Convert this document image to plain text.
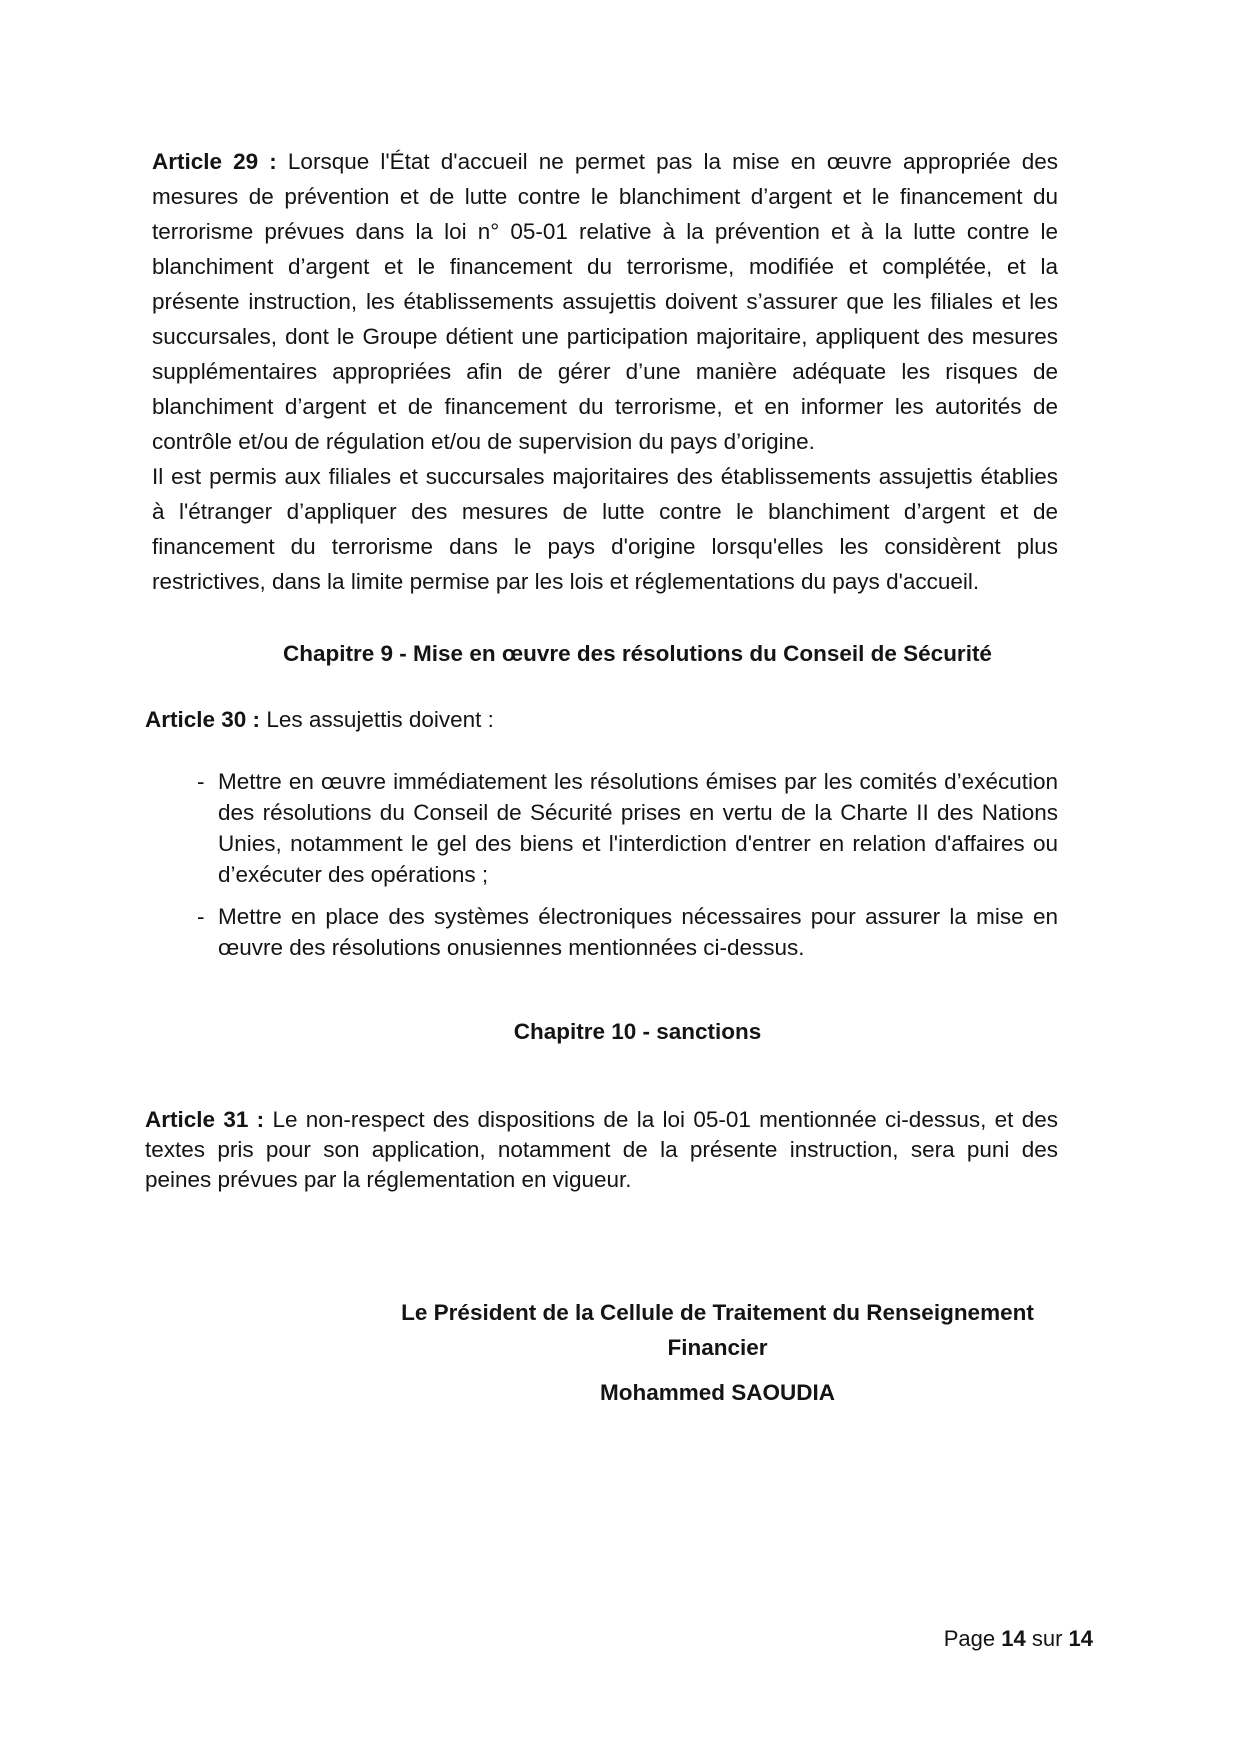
Article 29 : Lorsque l'État d'accueil ne permet pas la mise en œuvre appropriée des mesures de prévention et de lutte contre le blanchiment d’argent et le financement du terrorisme prévues dans la loi n° 05-01 relative à la prévention et à la lutte contre le blanchiment d’argent et le financement du terrorisme, modifiée et complétée, et la présente instruction, les établissements assujettis doivent s’assurer que les filiales et les succursales, dont le Groupe détient une participation majoritaire, appliquent des mesures supplémentaires appropriées afin de gérer d’une manière adéquate les risques de blanchiment d’argent et de financement du terrorisme, et en informer les autorités de contrôle et/ou de régulation et/ou de supervision du pays d’origine.

Il est permis aux filiales et succursales majoritaires des établissements assujettis établies à l'étranger d’appliquer des mesures de lutte contre le blanchiment d’argent et de financement du terrorisme dans le pays d'origine lorsqu'elles les considèrent plus restrictives, dans la limite permise par les lois et réglementations du pays d'accueil.

Chapitre 9 - Mise en œuvre des résolutions du Conseil de Sécurité

Article 30 : Les assujettis doivent :

- Mettre en œuvre immédiatement les résolutions émises par les comités d’exécution des résolutions du Conseil de Sécurité prises en vertu de la Charte II des Nations Unies, notamment le gel des biens et l'interdiction d'entrer en relation d'affaires ou d’exécuter des opérations ;

- Mettre en place des systèmes électroniques nécessaires pour assurer la mise en œuvre des résolutions onusiennes mentionnées ci-dessus.

Chapitre 10 - sanctions

Article 31 : Le non-respect des dispositions de la loi 05-01 mentionnée ci-dessus, et des textes pris pour son application, notamment de la présente instruction, sera puni des peines prévues par la réglementation en vigueur.

Le Président de la Cellule de Traitement du Renseignement Financier

Mohammed SAOUDIA

Page 14 sur 14
